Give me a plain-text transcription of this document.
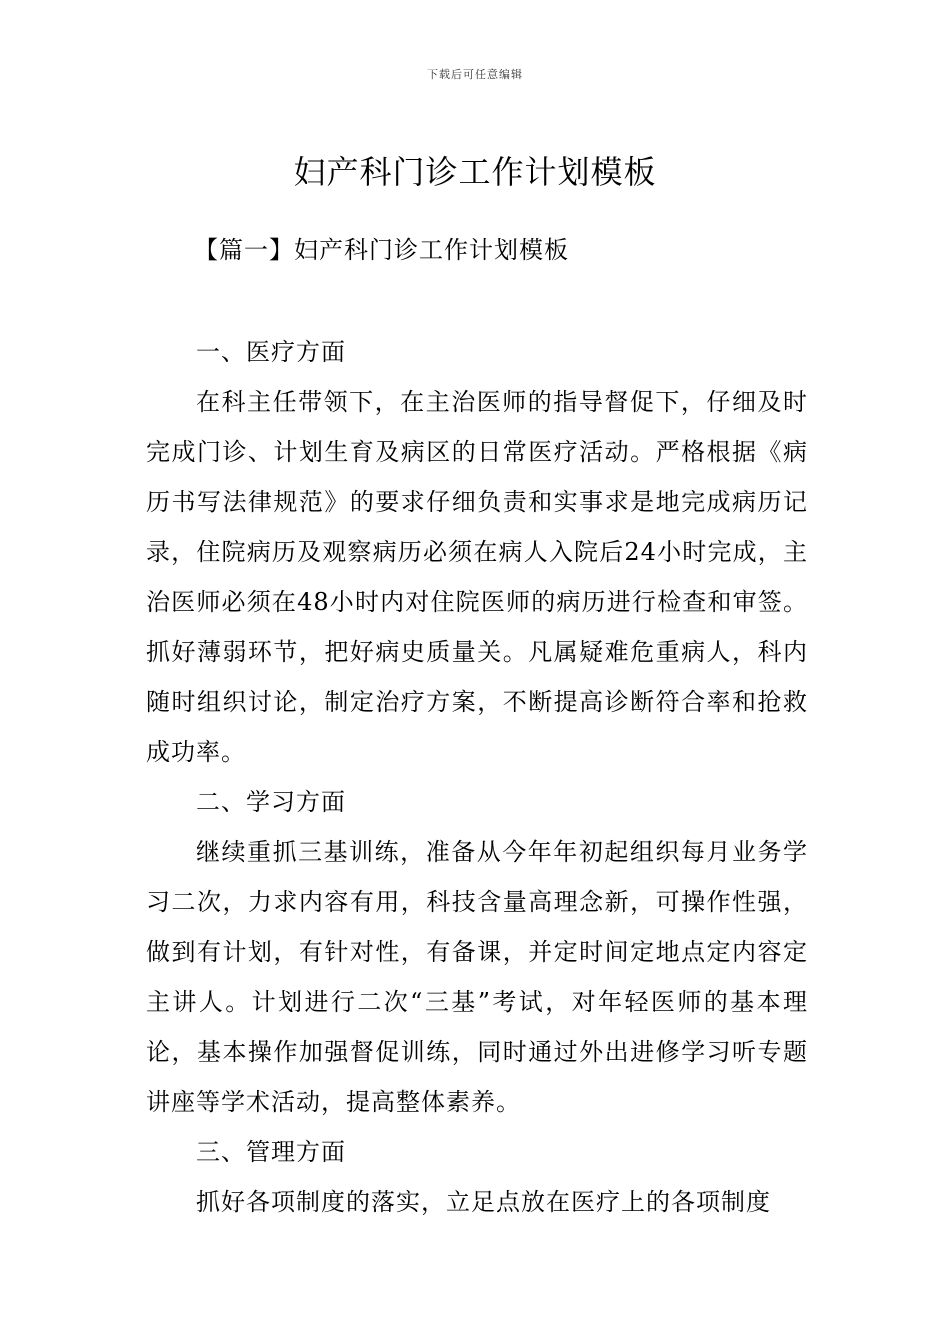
下载后可任意编辑
妇产科门诊工作计划模板
【篇一】妇产科门诊工作计划模板

一、医疗方面

在科主任带领下，在主治医师的指导督促下，仔细及时完成门诊、计划生育及病区的日常医疗活动。严格根据《病历书写法律规范》的要求仔细负责和实事求是地完成病历记录，住院病历及观察病历必须在病人入院后24小时完成，主治医师必须在48小时内对住院医师的病历进行检查和审签。抓好薄弱环节，把好病史质量关。凡属疑难危重病人，科内随时组织讨论，制定治疗方案，不断提高诊断符合率和抢救成功率。

二、学习方面

继续重抓三基训练，准备从今年年初起组织每月业务学习二次，力求内容有用，科技含量高理念新，可操作性强，做到有计划，有针对性，有备课，并定时间定地点定内容定主讲人。计划进行二次“三基”考试，对年轻医师的基本理论，基本操作加强督促训练，同时通过外出进修学习听专题讲座等学术活动，提高整体素养。

三、管理方面

抓好各项制度的落实，立足点放在医疗上的各项制度
